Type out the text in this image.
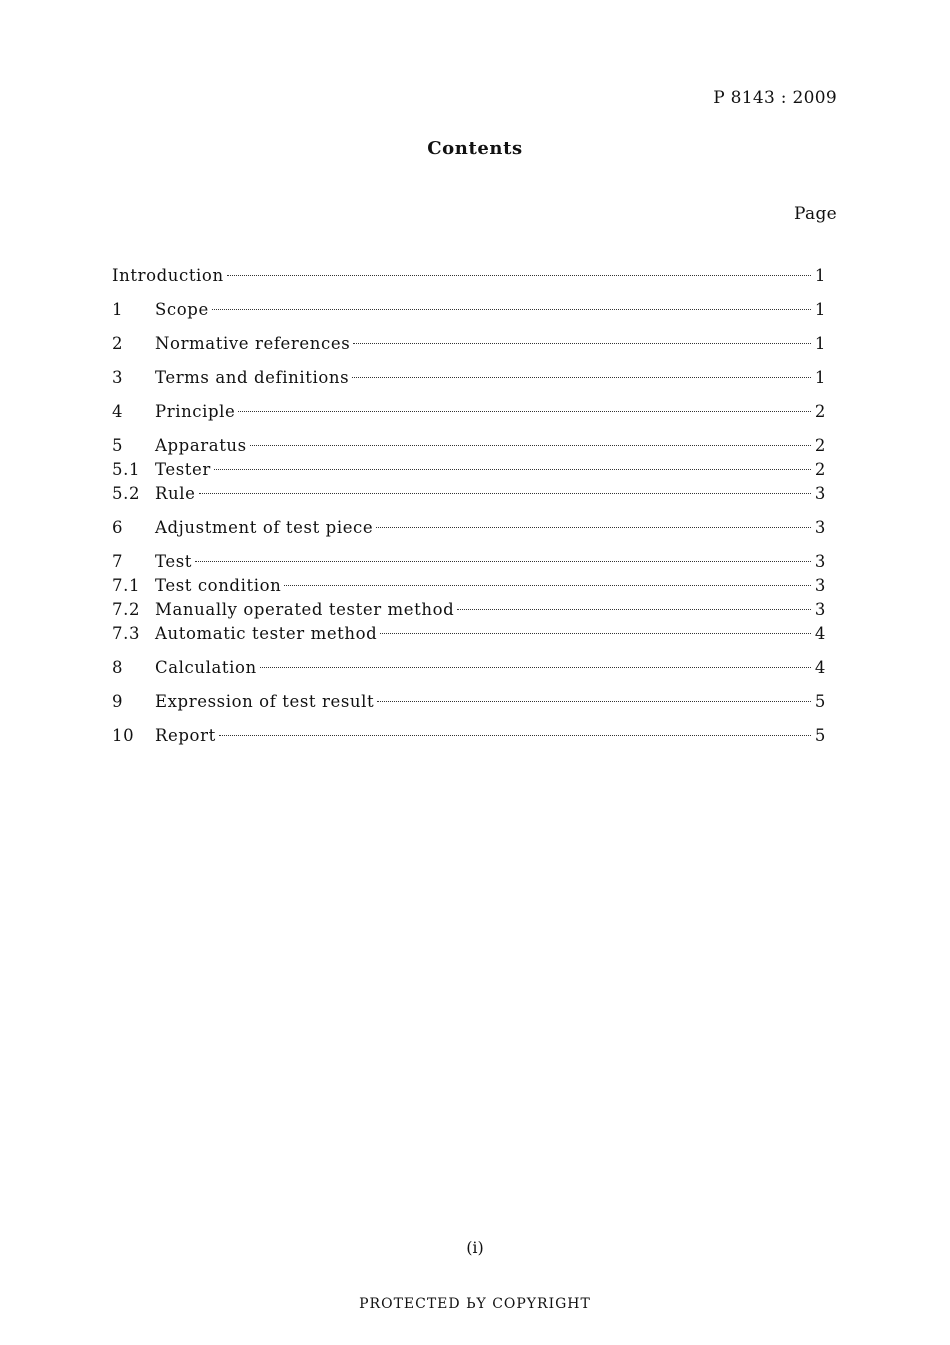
P 8143 : 2009
Contents
Page
Introduction	1
1	Scope	1
2	Normative references	1
3	Terms and definitions	1
4	Principle	2
5	Apparatus	2
5.1 Tester	2
5.2 Rule	3
6	Adjustment of test piece	3
7	Test	3
7.1 Test condition	3
7.2 Manually operated tester method	3
7.3 Automatic tester method	4
8	Calculation	4
9	Expression of test result	5
10	Report	5
(i)
PROTECTED ЬY COPYRIGHT
